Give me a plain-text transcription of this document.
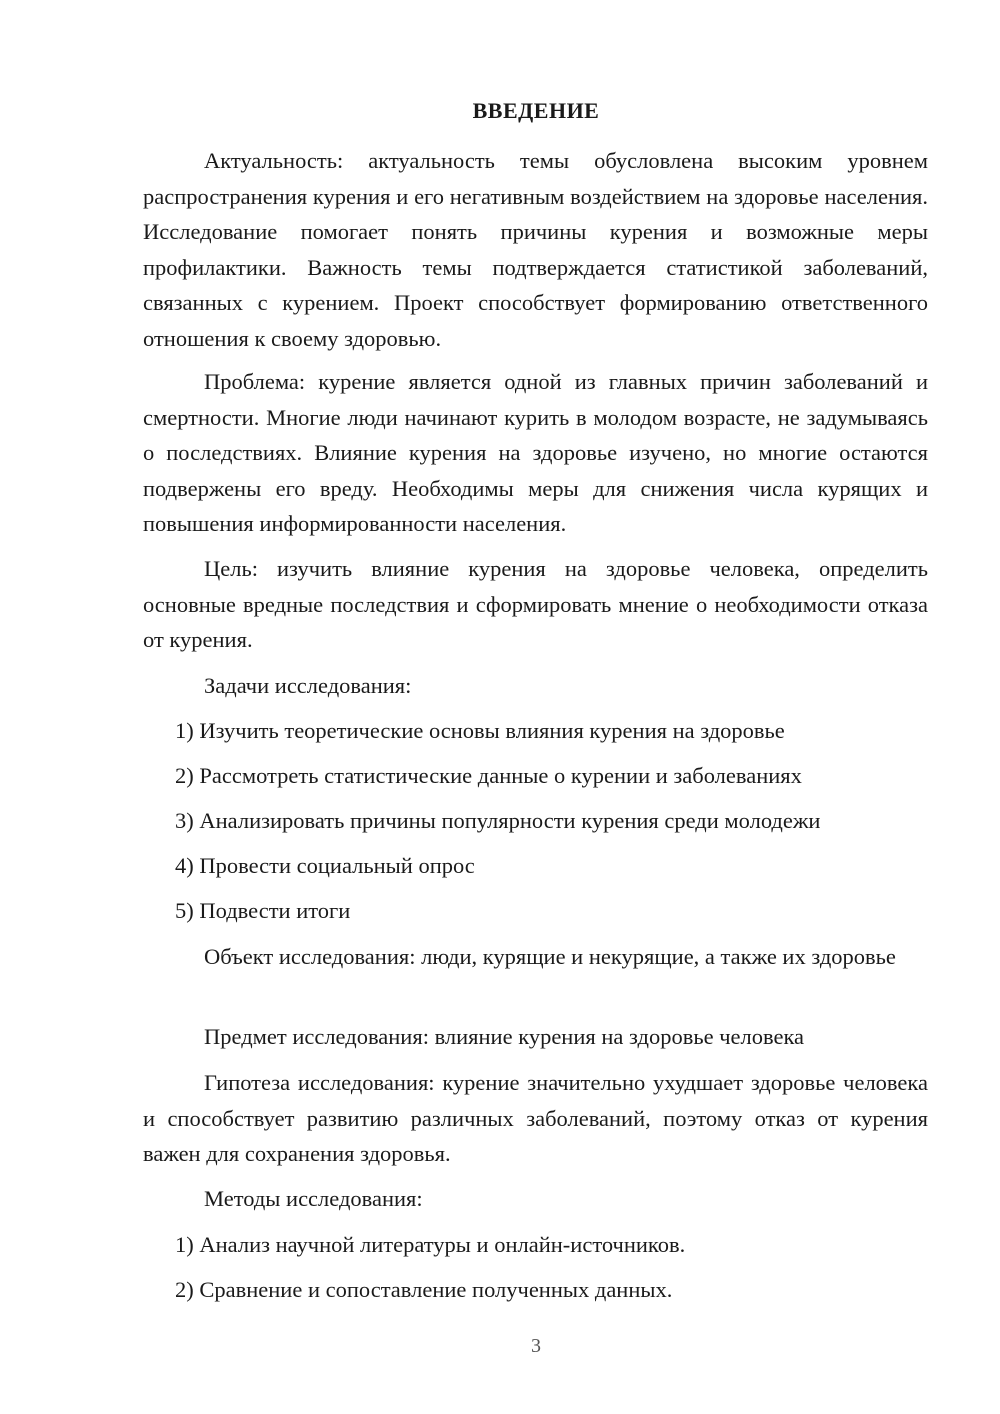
ВВЕДЕНИЕ

Актуальность: актуальность темы обусловлена высоким уровнем распространения курения и его негативным воздействием на здоровье населения. Исследование помогает понять причины курения и возможные меры профилактики. Важность темы подтверждается статистикой заболеваний, связанных с курением. Проект способствует формированию ответственного отношения к своему здоровью.

Проблема: курение является одной из главных причин заболеваний и смертности. Многие люди начинают курить в молодом возрасте, не задумываясь о последствиях. Влияние курения на здоровье изучено, но многие остаются подвержены его вреду. Необходимы меры для снижения числа курящих и повышения информированности населения.

Цель: изучить влияние курения на здоровье человека, определить основные вредные последствия и сформировать мнение о необходимости отказа от курения.

Задачи исследования:

1) Изучить теоретические основы влияния курения на здоровье

2) Рассмотреть статистические данные о курении и заболеваниях

3) Анализировать причины популярности курения среди молодежи

4) Провести социальный опрос

5) Подвести итоги

Объект исследования: люди, курящие и некурящие, а также их здоровье

Предмет исследования: влияние курения на здоровье человека

Гипотеза исследования: курение значительно ухудшает здоровье человека и способствует развитию различных заболеваний, поэтому отказ от курения важен для сохранения здоровья.

Методы исследования:

1) Анализ научной литературы и онлайн-источников.

2) Сравнение и сопоставление полученных данных.

3
